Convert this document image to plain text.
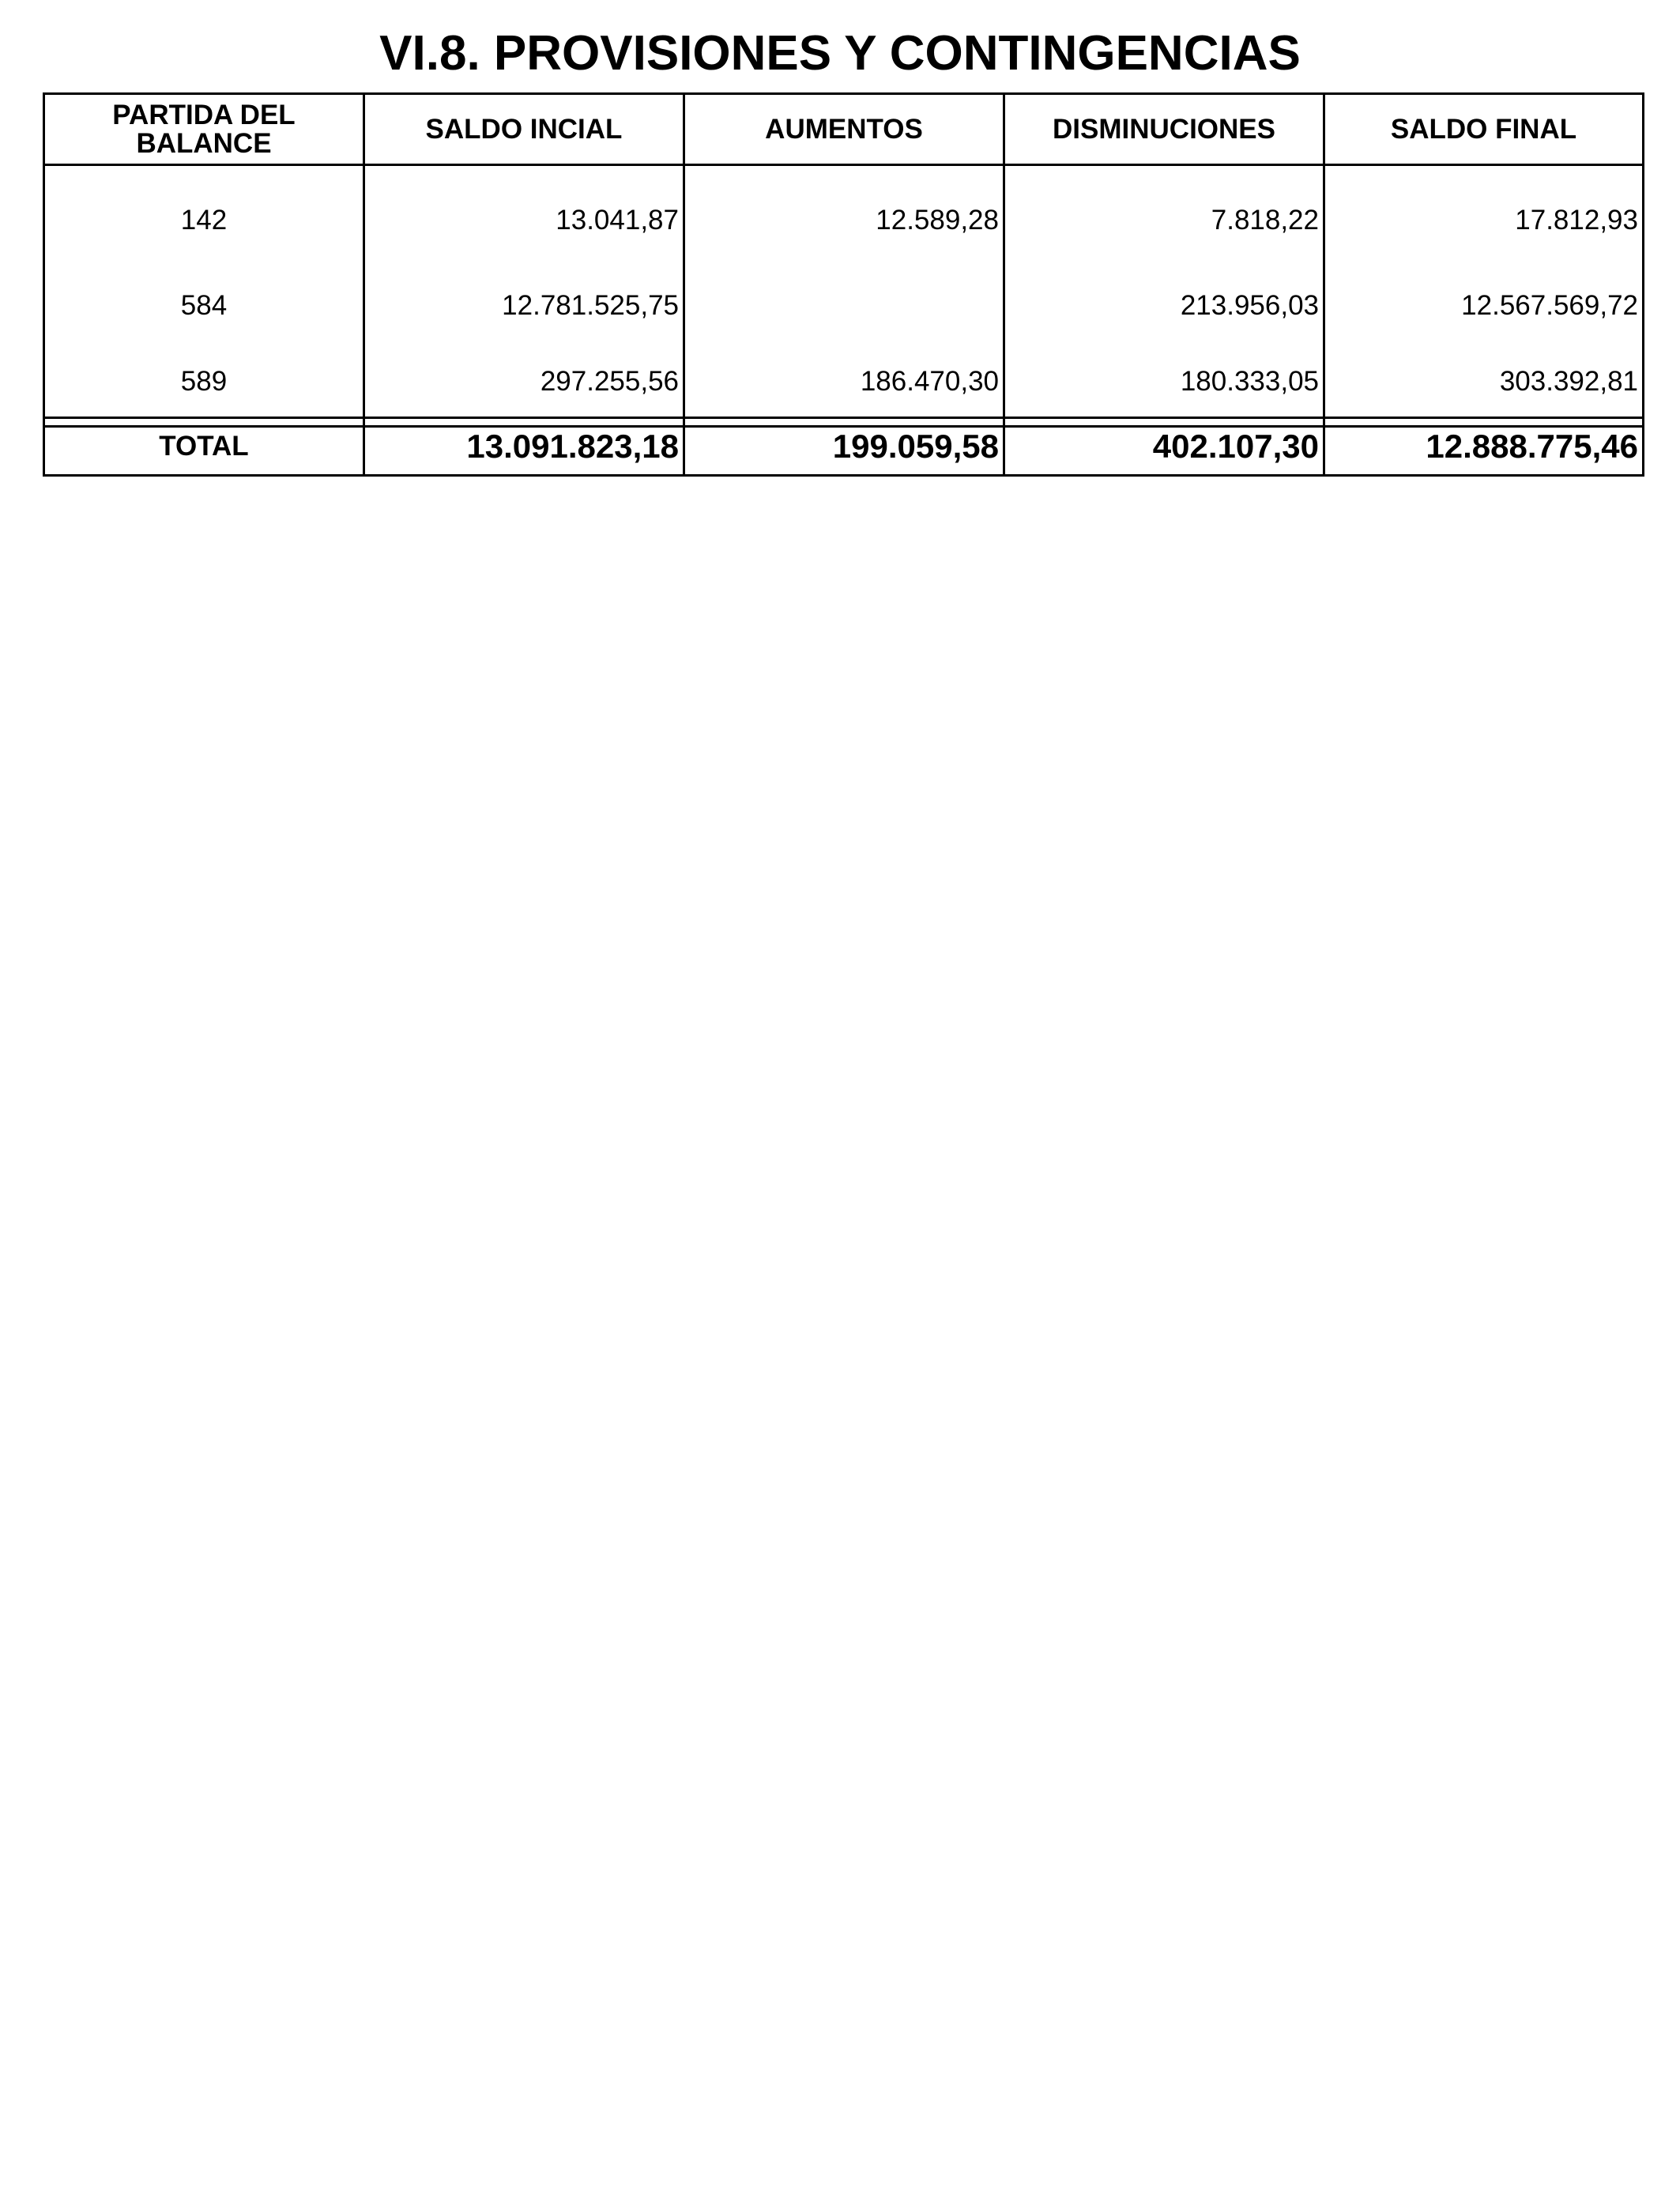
VI.8. PROVISIONES Y CONTINGENCIAS
PARTIDA DEL BALANCE	SALDO INCIAL	AUMENTOS	DISMINUCIONES	SALDO FINAL
142	13.041,87	12.589,28	7.818,22	17.812,93
584	12.781.525,75		213.956,03	12.567.569,72
589	297.255,56	186.470,30	180.333,05	303.392,81
TOTAL	13.091.823,18	199.059,58	402.107,30	12.888.775,46
